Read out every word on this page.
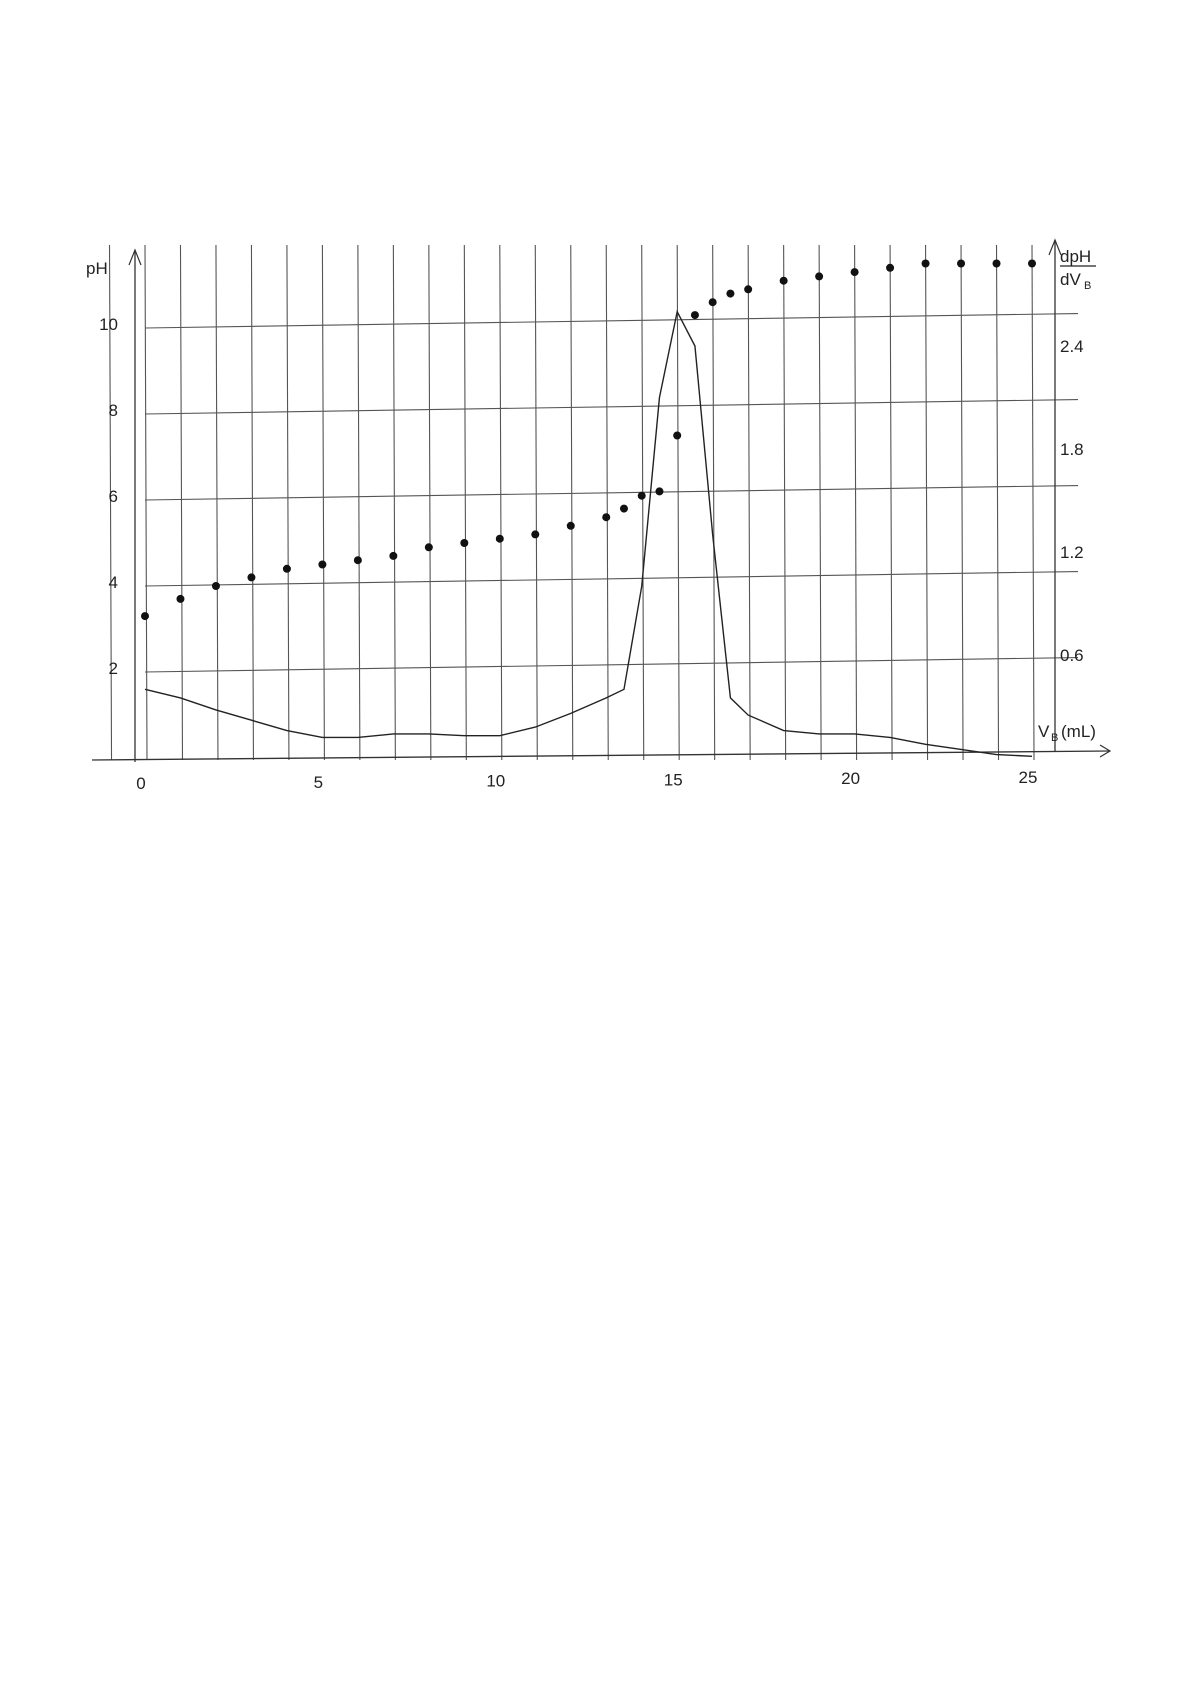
0	5	10	15	20	25
2
4
6
8
10
0.6
1.2
1.8
2.4
pH
dpH
dV B
V B (mL)
